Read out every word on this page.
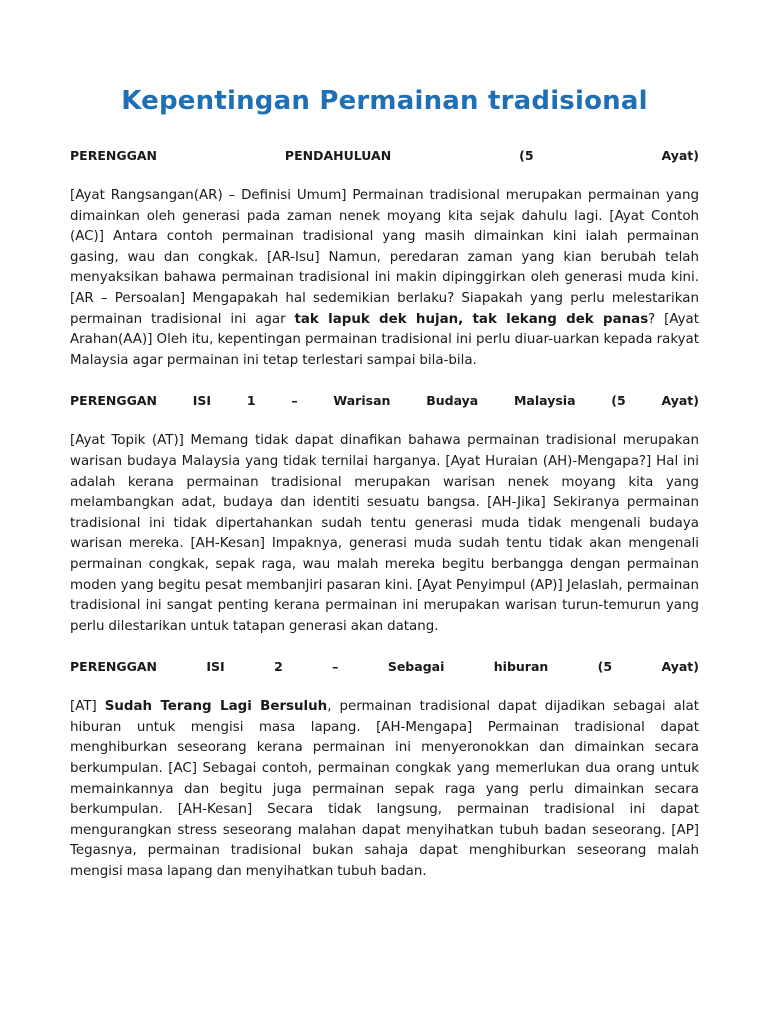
Kepentingan Permainan tradisional
PERENGGAN PENDAHULUAN (5 Ayat)

[Ayat Rangsangan(AR) – Definisi Umum] Permainan tradisional merupakan permainan yang dimainkan oleh generasi pada zaman nenek moyang kita sejak dahulu lagi. [Ayat Contoh (AC)] Antara contoh permainan tradisional yang masih dimainkan kini ialah permainan gasing, wau dan congkak. [AR-Isu] Namun, peredaran zaman yang kian berubah telah menyaksikan bahawa permainan tradisional ini makin dipinggirkan oleh generasi muda kini. [AR – Persoalan] Mengapakah hal sedemikian berlaku? Siapakah yang perlu melestarikan permainan tradisional ini agar tak lapuk dek hujan, tak lekang dek panas? [Ayat Arahan(AA)] Oleh itu, kepentingan permainan tradisional ini perlu diuar-uarkan kepada rakyat Malaysia agar permainan ini tetap terlestari sampai bila-bila.

PERENGGAN ISI 1 – Warisan Budaya Malaysia (5 Ayat)

[Ayat Topik (AT)] Memang tidak dapat dinafikan bahawa permainan tradisional merupakan warisan budaya Malaysia yang tidak ternilai harganya. [Ayat Huraian (AH)-Mengapa?] Hal ini adalah kerana permainan tradisional merupakan warisan nenek moyang kita yang melambangkan adat, budaya dan identiti sesuatu bangsa. [AH-Jika] Sekiranya permainan tradisional ini tidak dipertahankan sudah tentu generasi muda tidak mengenali budaya warisan mereka. [AH-Kesan] Impaknya, generasi muda sudah tentu tidak akan mengenali permainan congkak, sepak raga, wau malah mereka begitu berbangga dengan permainan moden yang begitu pesat membanjiri pasaran kini. [Ayat Penyimpul (AP)] Jelaslah, permainan tradisional ini sangat penting kerana permainan ini merupakan warisan turun-temurun yang perlu dilestarikan untuk tatapan generasi akan datang.

PERENGGAN ISI 2 – Sebagai hiburan (5 Ayat)

[AT] Sudah Terang Lagi Bersuluh, permainan tradisional dapat dijadikan sebagai alat hiburan untuk mengisi masa lapang. [AH-Mengapa] Permainan tradisional dapat menghiburkan seseorang kerana permainan ini menyeronokkan dan dimainkan secara berkumpulan. [AC] Sebagai contoh, permainan congkak yang memerlukan dua orang untuk memainkannya dan begitu juga permainan sepak raga yang perlu dimainkan secara berkumpulan. [AH-Kesan] Secara tidak langsung, permainan tradisional ini dapat mengurangkan stress seseorang malahan dapat menyihatkan tubuh badan seseorang. [AP] Tegasnya, permainan tradisional bukan sahaja dapat menghiburkan seseorang malah mengisi masa lapang dan menyihatkan tubuh badan.
